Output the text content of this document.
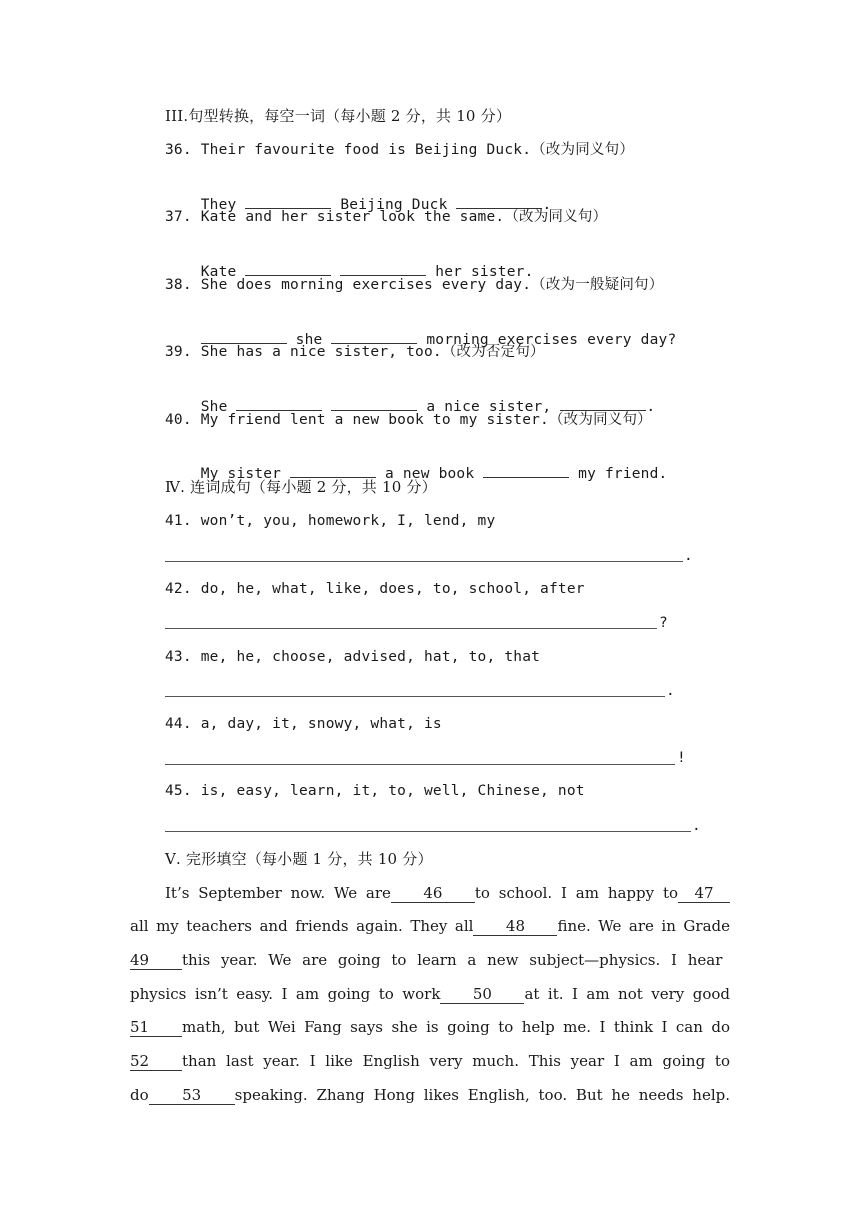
III.句型转换，每空一词（每小题 2 分，共 10 分）
36. Their favourite food is Beijing Duck.（改为同义句）

They	Beijing Duck	.

37. Kate and her sister look the same.（改为同义句）

Kate	her sister.

38. She does morning exercises every day.（改为一般疑问句）

she	morning exercises every day?

39. She has a nice sister, too.（改为否定句）

She	a nice sister,	.

40. My friend lent a new book to my sister.（改为同义句）

My sister	a new book	my friend.

Ⅳ. 连词成句（每小题 2 分，共 10 分）
41. won’t, you, homework, I, lend, my
.
42. do, he, what, like, does, to, school, after
?
43. me, he, choose, advised, hat, to, that
.
44. a, day, it, snowy, what, is
!
45. is, easy, learn, it, to, well, Chinese, not
.
Ⅴ. 完形填空（每小题 1 分，共 10 分）
It’s September now. We are 46 to school. I am happy to 47
all my teachers and friends again. They all 48 fine. We are in Grade
49 this year. We are going to learn a new subject—physics. I hear
physics isn’t easy. I am going to work 50 at it. I am not very good
51 math, but Wei Fang says she is going to help me. I think I can do
52 than last year. I like English very much. This year I am going to
do 53 speaking. Zhang Hong likes English, too. But he needs help.
